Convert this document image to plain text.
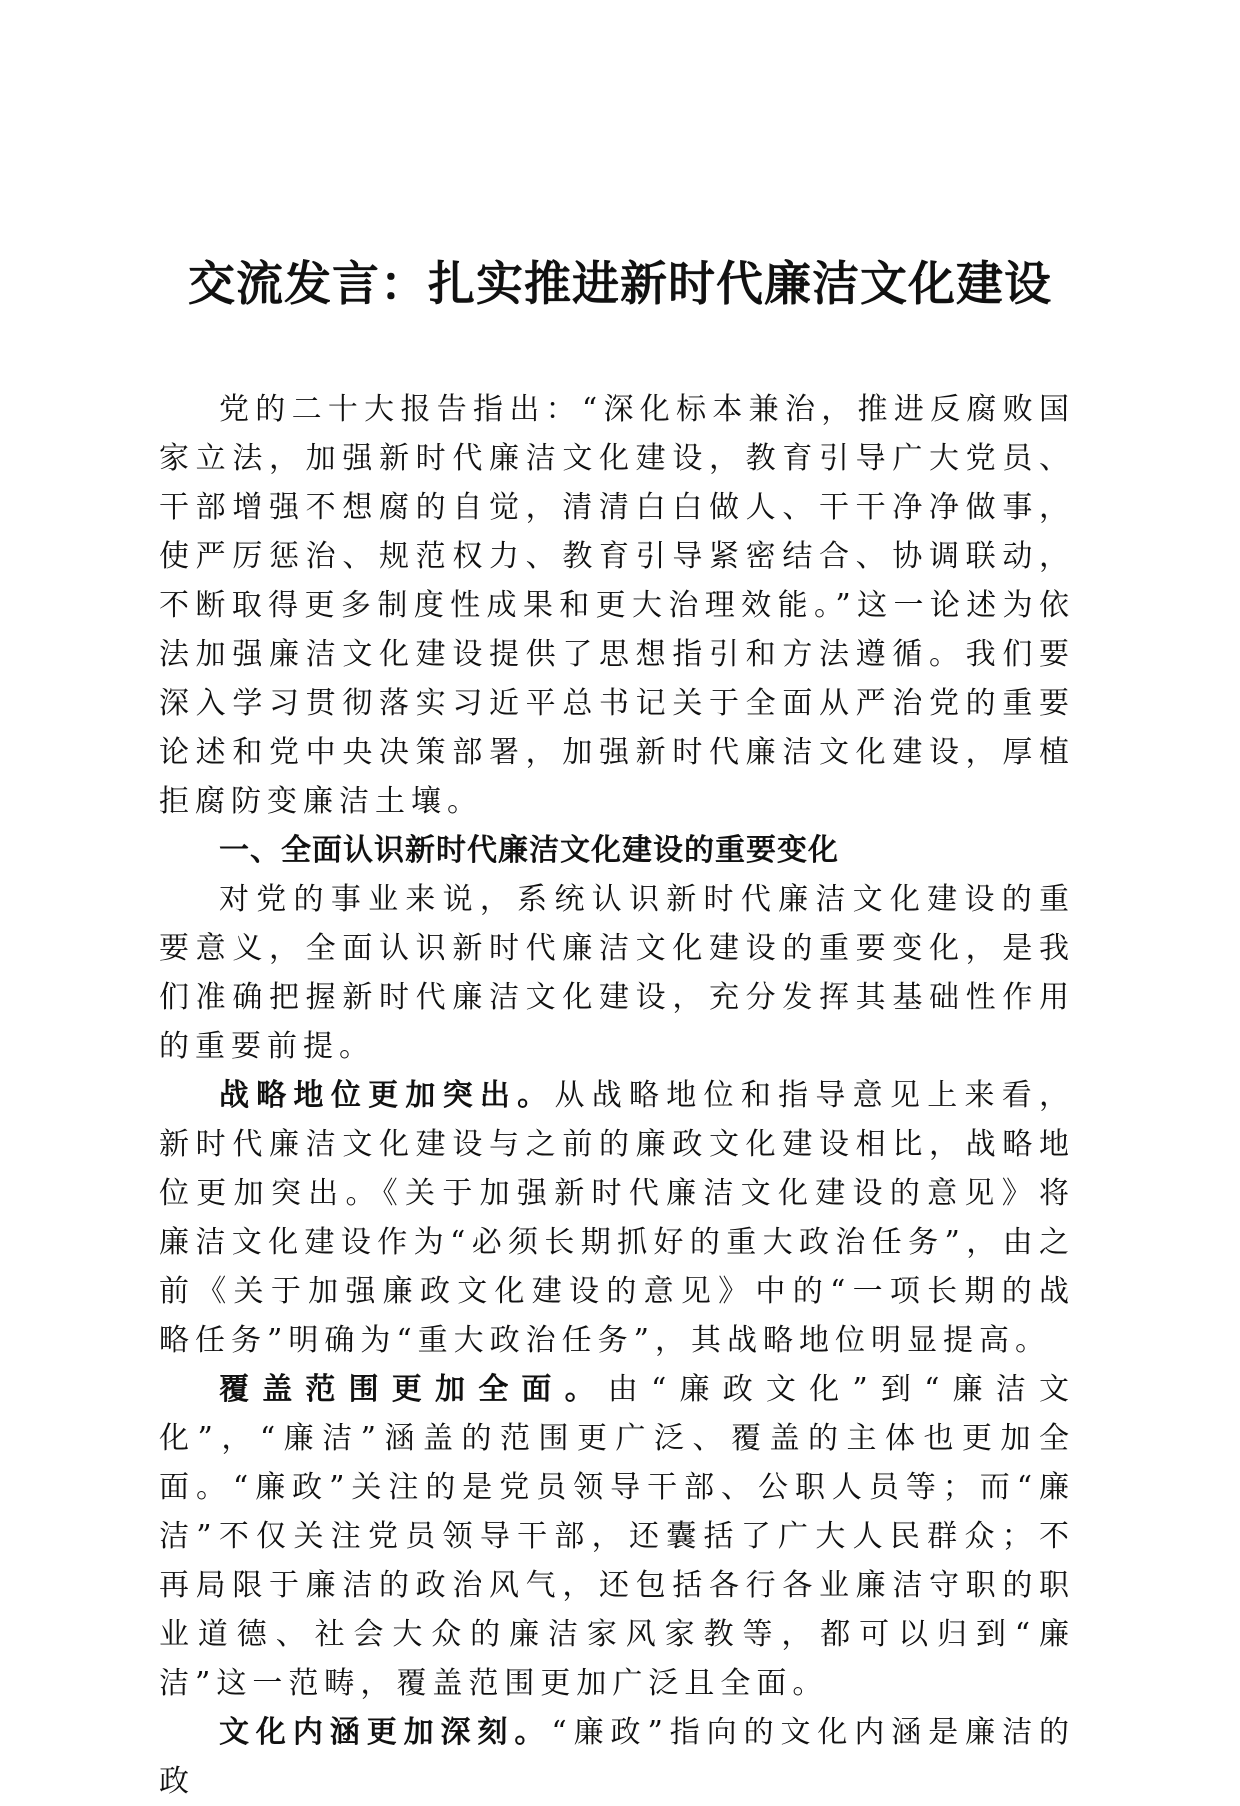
交流发言：扎实推进新时代廉洁文化建设

党的二十大报告指出：“深化标本兼治，推进反腐败国家立法，加强新时代廉洁文化建设，教育引导广大党员、干部增强不想腐的自觉，清清白白做人、干干净净做事，使严厉惩治、规范权力、教育引导紧密结合、协调联动，不断取得更多制度性成果和更大治理效能。”这一论述为依法加强廉洁文化建设提供了思想指引和方法遵循。我们要深入学习贯彻落实习近平总书记关于全面从严治党的重要论述和党中央决策部署，加强新时代廉洁文化建设，厚植拒腐防变廉洁土壤。

一、全面认识新时代廉洁文化建设的重要变化

对党的事业来说，系统认识新时代廉洁文化建设的重要意义，全面认识新时代廉洁文化建设的重要变化，是我们准确把握新时代廉洁文化建设，充分发挥其基础性作用的重要前提。

战略地位更加突出。从战略地位和指导意见上来看，新时代廉洁文化建设与之前的廉政文化建设相比，战略地位更加突出。《关于加强新时代廉洁文化建设的意见》将廉洁文化建设作为“必须长期抓好的重大政治任务”，由之前《关于加强廉政文化建设的意见》中的“一项长期的战略任务”明确为“重大政治任务”，其战略地位明显提高。

覆盖范围更加全面。由“廉政文化”到“廉洁文化”，“廉洁”涵盖的范围更广泛、覆盖的主体也更加全面。“廉政”关注的是党员领导干部、公职人员等；而“廉洁”不仅关注党员领导干部，还囊括了广大人民群众；不再局限于廉洁的政治风气，还包括各行各业廉洁守职的职业道德、社会大众的廉洁家风家教等，都可以归到“廉洁”这一范畴，覆盖范围更加广泛且全面。

文化内涵更加深刻。“廉政”指向的文化内涵是廉洁的政
